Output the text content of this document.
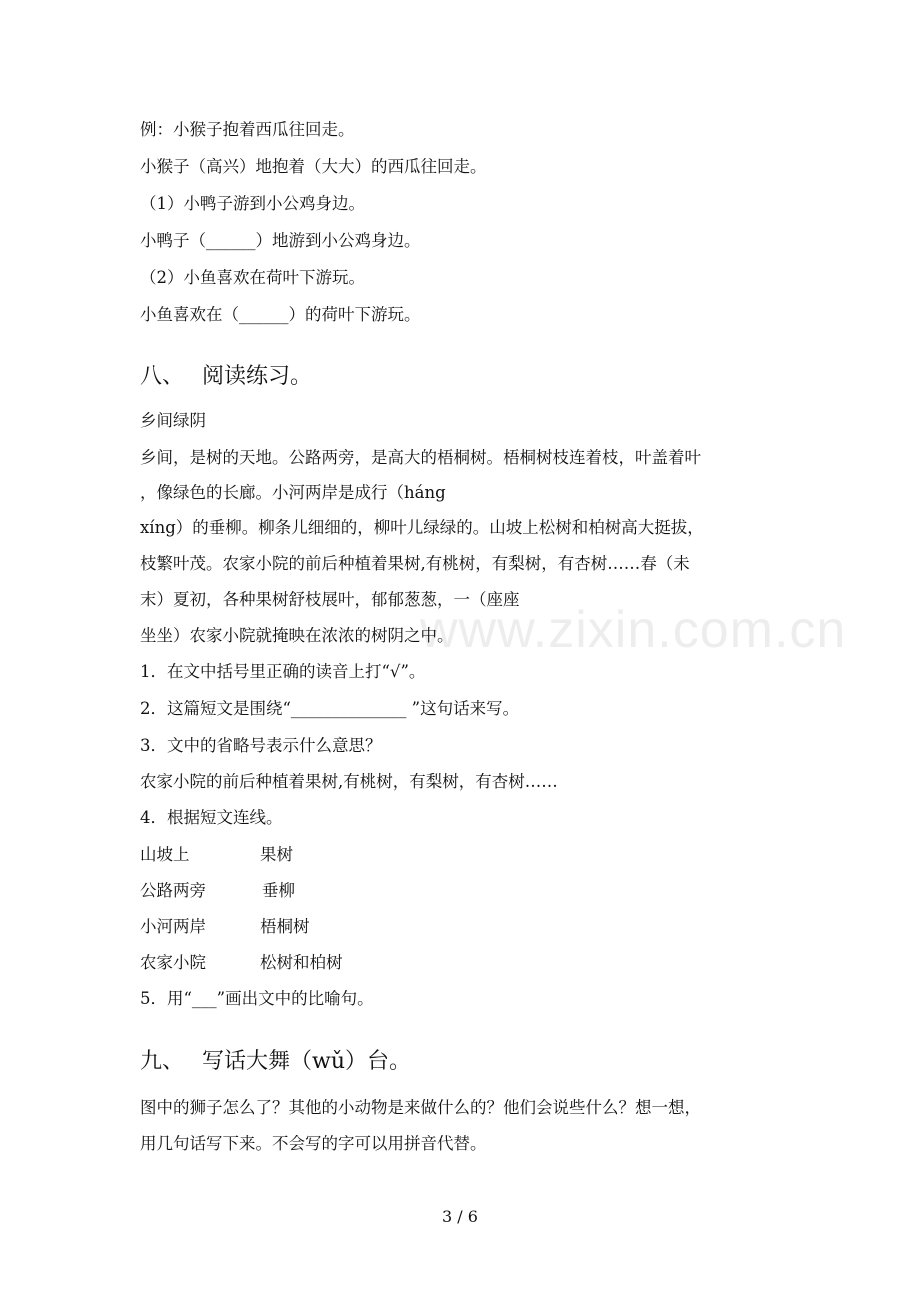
例：小猴子抱着西瓜往回走。
小猴子（高兴）地抱着（大大）的西瓜往回走。
（1）小鸭子游到小公鸡身边。
小鸭子（______）地游到小公鸡身边。
（2）小鱼喜欢在荷叶下游玩。
小鱼喜欢在（______）的荷叶下游玩。
八、 阅读练习。
乡间绿阴
乡间，是树的天地。公路两旁，是高大的梧桐树。梧桐树枝连着枝，叶盖着叶
，像绿色的长廊。小河两岸是成行（háng
xíng）的垂柳。柳条儿细细的，柳叶儿绿绿的。山坡上松树和柏树高大挺拔，
枝繁叶茂。农家小院的前后种植着果树,有桃树，有梨树，有杏树……春（未
末）夏初，各种果树舒枝展叶，郁郁葱葱，一（座座
坐坐）农家小院就掩映在浓浓的树阴之中。
www.zixin.com.cn
1．在文中括号里正确的读音上打“√”。
2．这篇短文是围绕“______________ ”这句话来写。
3．文中的省略号表示什么意思？
农家小院的前后种植着果树,有桃树，有梨树，有杏树……
4．根据短文连线。
山坡上	果树
公路两旁	垂柳
小河两岸	梧桐树
农家小院	松树和柏树
5．用“___”画出文中的比喻句。
九、 写话大舞（wǔ）台。
图中的狮子怎么了？其他的小动物是来做什么的？他们会说些什么？想一想，
用几句话写下来。不会写的字可以用拼音代替。
3 / 6
